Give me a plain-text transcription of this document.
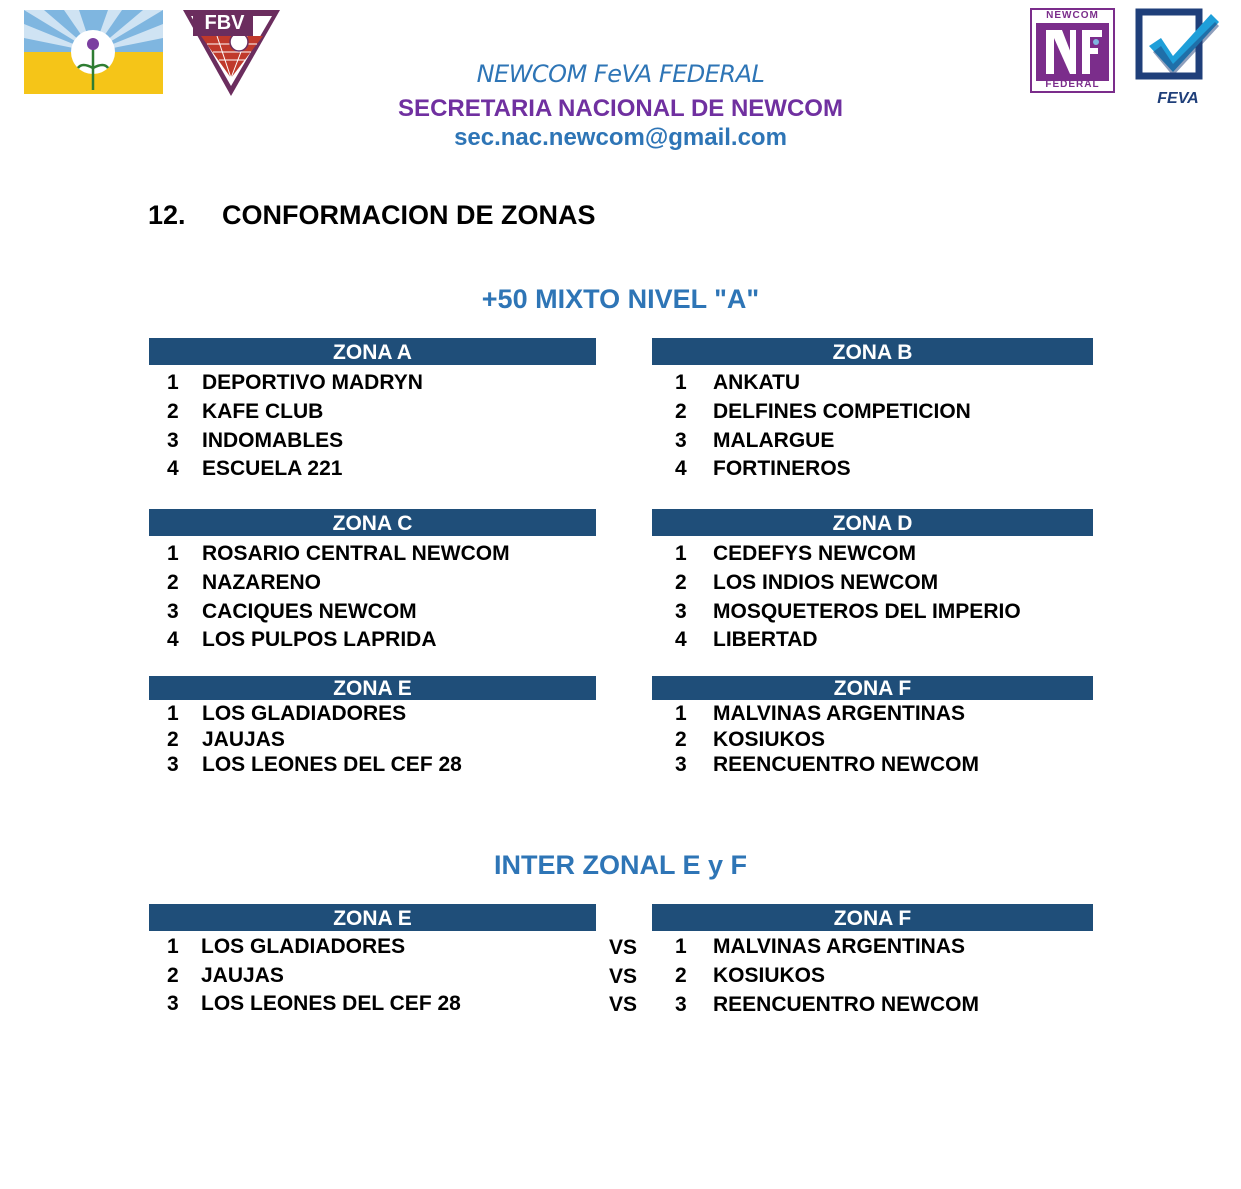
FBV	NEWCOM
FEDERAL
FEVA
NEWCOM FeVA FEDERAL
SECRETARIA NACIONAL DE NEWCOM
sec.nac.newcom@gmail.com
12. CONFORMACION DE ZONAS
+50 MIXTO NIVEL "A"
ZONA A
1 DEPORTIVO MADRYN
2 KAFE CLUB
3 INDOMABLES
4 ESCUELA 221
ZONA B
1 ANKATU
2 DELFINES COMPETICION
3 MALARGUE
4 FORTINEROS
ZONA C
1 ROSARIO CENTRAL NEWCOM
2 NAZARENO
3 CACIQUES NEWCOM
4 LOS PULPOS LAPRIDA
ZONA D
1 CEDEFYS NEWCOM
2 LOS INDIOS NEWCOM
3 MOSQUETEROS DEL IMPERIO
4 LIBERTAD
ZONA E
1 LOS GLADIADORES
2 JAUJAS
3 LOS LEONES DEL CEF 28
ZONA F
1 MALVINAS ARGENTINAS
2 KOSIUKOS
3 REENCUENTRO NEWCOM
INTER ZONAL E y F
ZONA E
1 LOS GLADIADORES
2 JAUJAS
3 LOS LEONES DEL CEF 28
VS
VS
VS
ZONA F
1 MALVINAS ARGENTINAS
2 KOSIUKOS
3 REENCUENTRO NEWCOM
